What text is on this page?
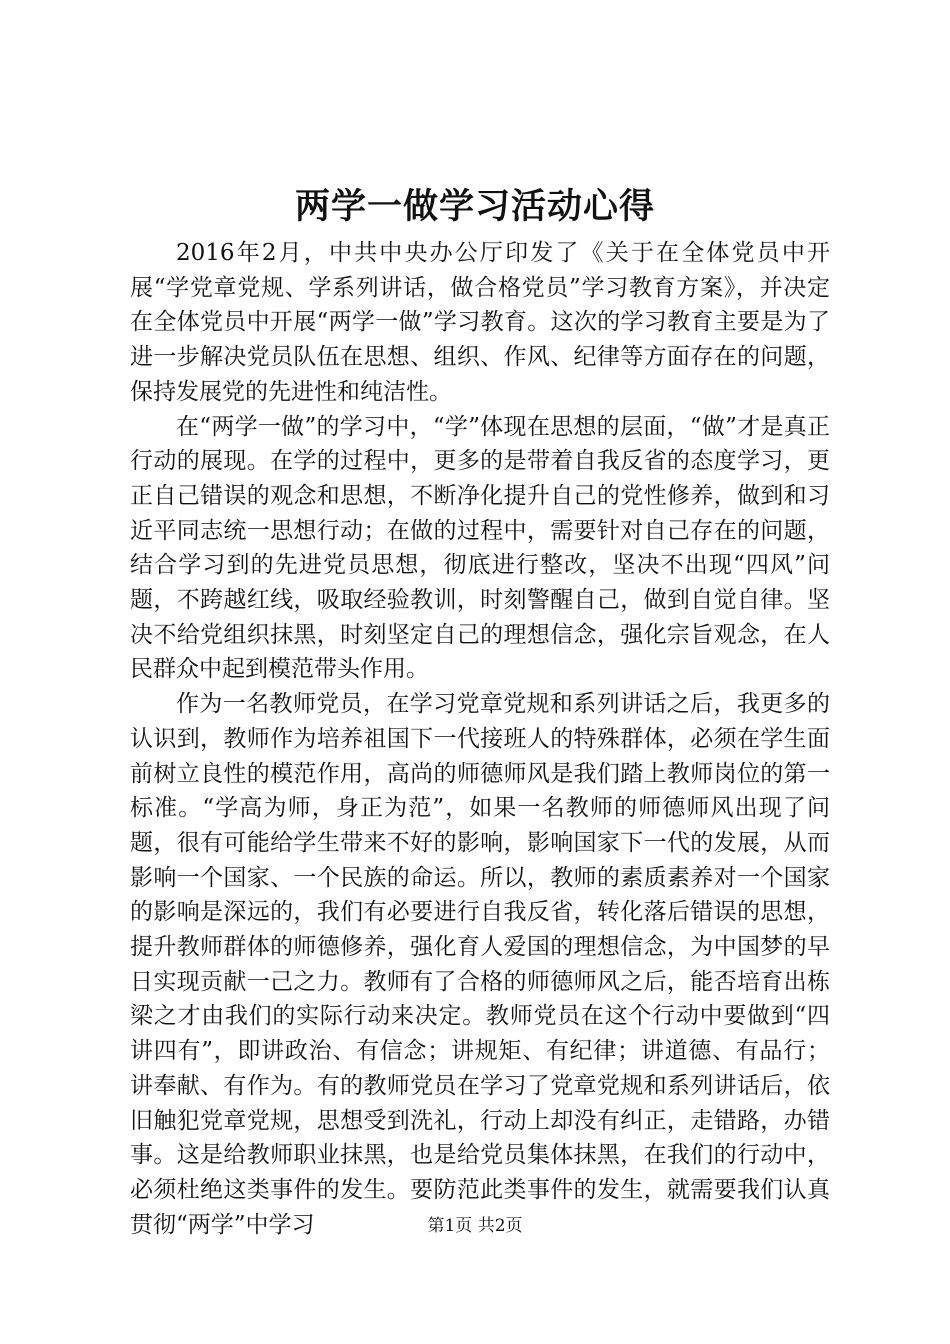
两学一做学习活动心得

2016年2月，中共中央办公厅印发了《关于在全体党员中开展“学党章党规、学系列讲话，做合格党员”学习教育方案》，并决定在全体党员中开展“两学一做”学习教育。这次的学习教育主要是为了进一步解决党员队伍在思想、组织、作风、纪律等方面存在的问题，保持发展党的先进性和纯洁性。

在“两学一做”的学习中，“学”体现在思想的层面，“做”才是真正行动的展现。在学的过程中，更多的是带着自我反省的态度学习，更正自己错误的观念和思想，不断净化提升自己的党性修养，做到和习近平同志统一思想行动；在做的过程中，需要针对自己存在的问题，结合学习到的先进党员思想，彻底进行整改，坚决不出现“四风”问题，不跨越红线，吸取经验教训，时刻警醒自己，做到自觉自律。坚决不给党组织抹黑，时刻坚定自己的理想信念，强化宗旨观念，在人民群众中起到模范带头作用。

作为一名教师党员，在学习党章党规和系列讲话之后，我更多的认识到，教师作为培养祖国下一代接班人的特殊群体，必须在学生面前树立良性的模范作用，高尚的师德师风是我们踏上教师岗位的第一标准。“学高为师，身正为范”，如果一名教师的师德师风出现了问题，很有可能给学生带来不好的影响，影响国家下一代的发展，从而影响一个国家、一个民族的命运。所以，教师的素质素养对一个国家的影响是深远的，我们有必要进行自我反省，转化落后错误的思想，提升教师群体的师德修养，强化育人爱国的理想信念，为中国梦的早日实现贡献一己之力。教师有了合格的师德师风之后，能否培育出栋梁之才由我们的实际行动来决定。教师党员在这个行动中要做到“四讲四有”，即讲政治、有信念；讲规矩、有纪律；讲道德、有品行；讲奉献、有作为。有的教师党员在学习了党章党规和系列讲话后，依旧触犯党章党规，思想受到洗礼，行动上却没有纠正，走错路，办错事。这是给教师职业抹黑，也是给党员集体抹黑，在我们的行动中，必须杜绝这类事件的发生。要防范此类事件的发生，就需要我们认真贯彻“两学”中学习	第1页 共2页
